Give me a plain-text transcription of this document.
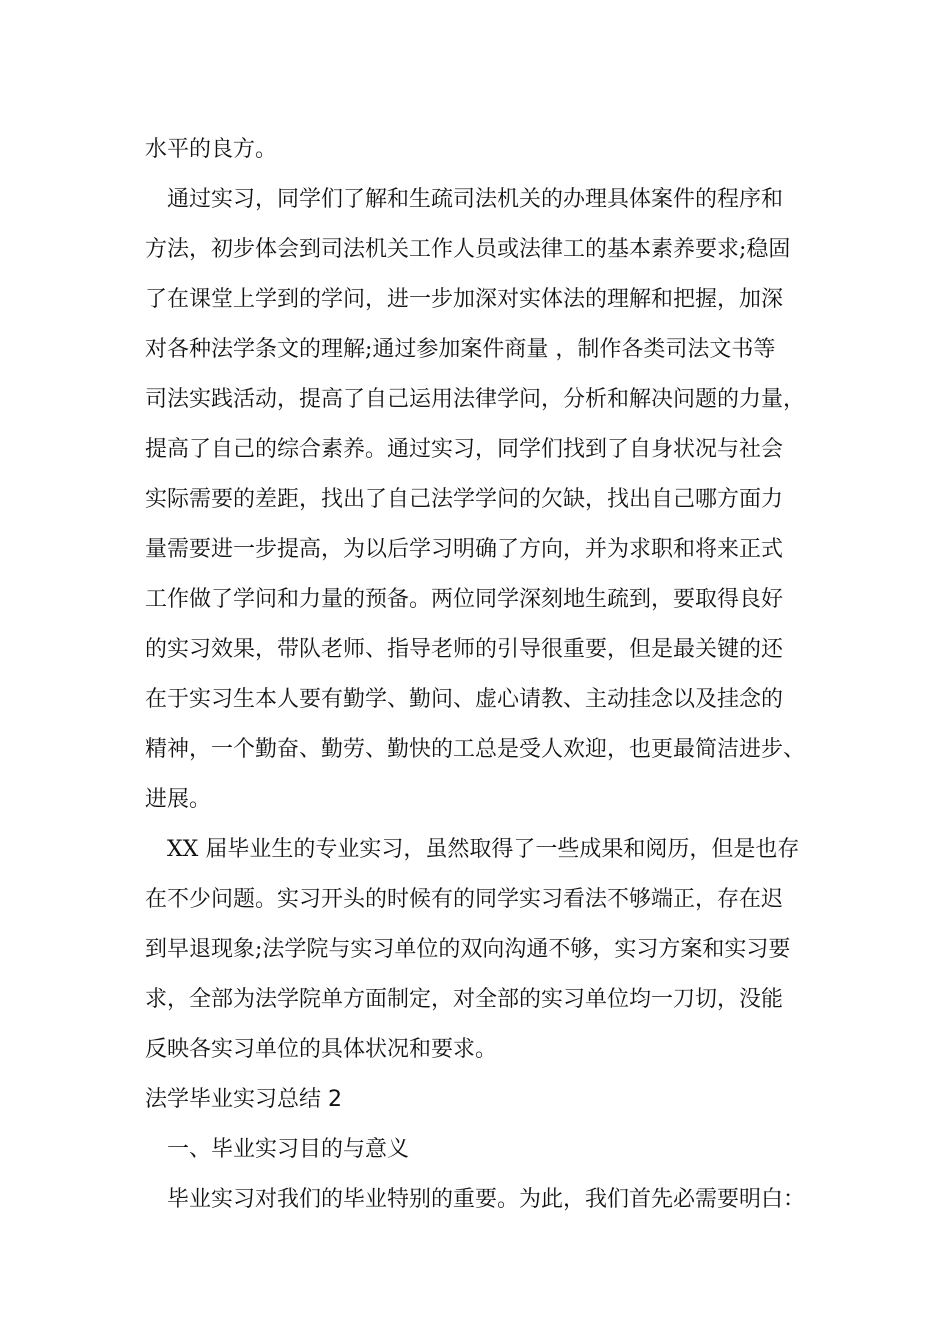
水平的良方。
通过实习，同学们了解和生疏司法机关的办理具体案件的程序和
方法，初步体会到司法机关工作人员或法律工的基本素养要求;稳固
了在课堂上学到的学问，进一步加深对实体法的理解和把握，加深
对各种法学条文的理解;通过参加案件商量 ，制作各类司法文书等
司法实践活动，提高了自己运用法律学问，分析和解决问题的力量，
提高了自己的综合素养。通过实习，同学们找到了自身状况与社会
实际需要的差距，找出了自己法学学问的欠缺，找出自己哪方面力
量需要进一步提高，为以后学习明确了方向，并为求职和将来正式
工作做了学问和力量的预备。两位同学深刻地生疏到，要取得良好
的实习效果，带队老师、指导老师的引导很重要，但是最关键的还
在于实习生本人要有勤学、勤问、虚心请教、主动挂念以及挂念的
精神，一个勤奋、勤劳、勤快的工总是受人欢迎，也更最简洁进步、
进展。
XX 届毕业生的专业实习，虽然取得了一些成果和阅历，但是也存
在不少问题。实习开头的时候有的同学实习看法不够端正，存在迟
到早退现象;法学院与实习单位的双向沟通不够，实习方案和实习要
求，全部为法学院单方面制定，对全部的实习单位均一刀切，没能
反映各实习单位的具体状况和要求。
法学毕业实习总结 2
一、毕业实习目的与意义
毕业实习对我们的毕业特别的重要。为此，我们首先必需要明白：
